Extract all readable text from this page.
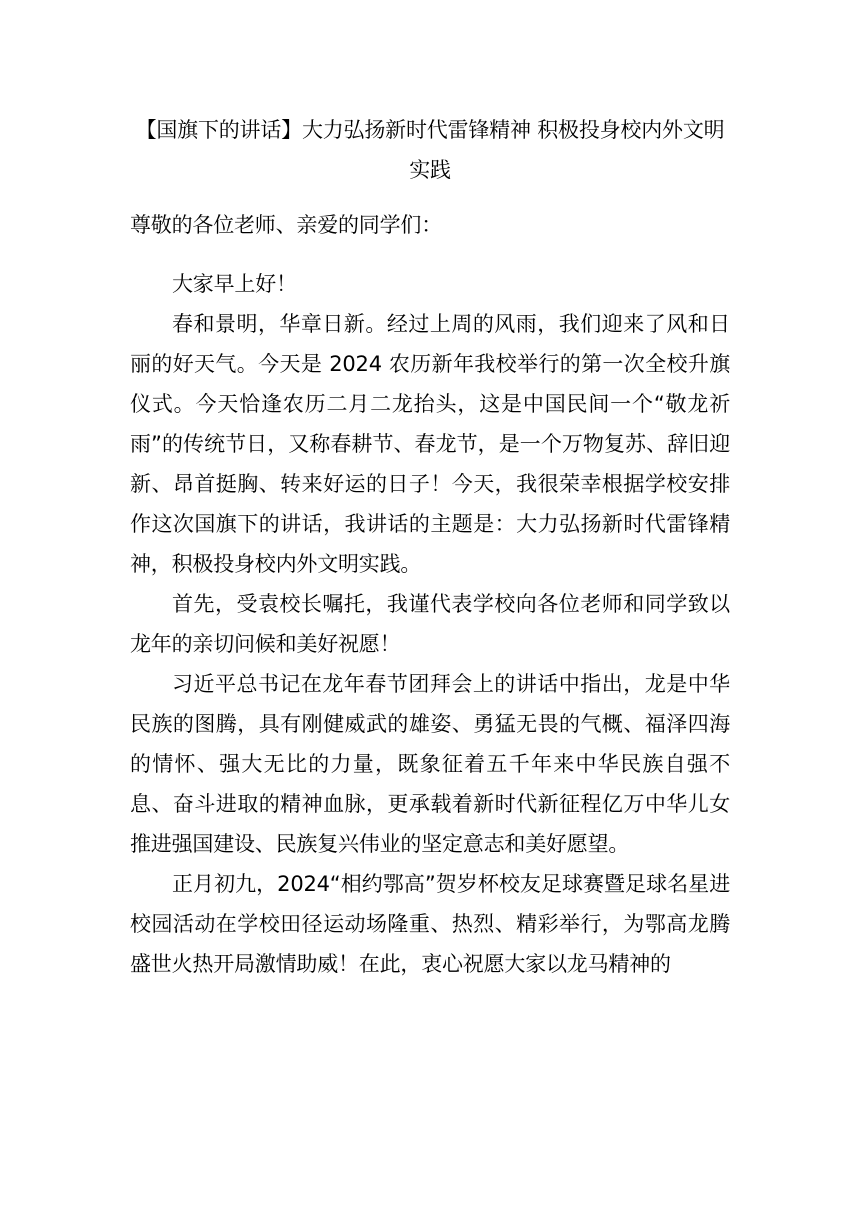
【国旗下的讲话】大力弘扬新时代雷锋精神 积极投身校内外文明实践

尊敬的各位老师、亲爱的同学们：

大家早上好！

春和景明，华章日新。经过上周的风雨，我们迎来了风和日丽的好天气。今天是 2024 农历新年我校举行的第一次全校升旗仪式。今天恰逢农历二月二龙抬头，这是中国民间一个“敬龙祈雨”的传统节日，又称春耕节、春龙节，是一个万物复苏、辞旧迎新、昂首挺胸、转来好运的日子！今天，我很荣幸根据学校安排作这次国旗下的讲话，我讲话的主题是：大力弘扬新时代雷锋精神，积极投身校内外文明实践。

首先，受袁校长嘱托，我谨代表学校向各位老师和同学致以龙年的亲切问候和美好祝愿！

习近平总书记在龙年春节团拜会上的讲话中指出，龙是中华民族的图腾，具有刚健威武的雄姿、勇猛无畏的气概、福泽四海的情怀、强大无比的力量，既象征着五千年来中华民族自强不息、奋斗进取的精神血脉，更承载着新时代新征程亿万中华儿女推进强国建设、民族复兴伟业的坚定意志和美好愿望。

正月初九，2024“相约鄂高”贺岁杯校友足球赛暨足球名星进校园活动在学校田径运动场隆重、热烈、精彩举行，为鄂高龙腾盛世火热开局激情助威！在此，衷心祝愿大家以龙马精神的
